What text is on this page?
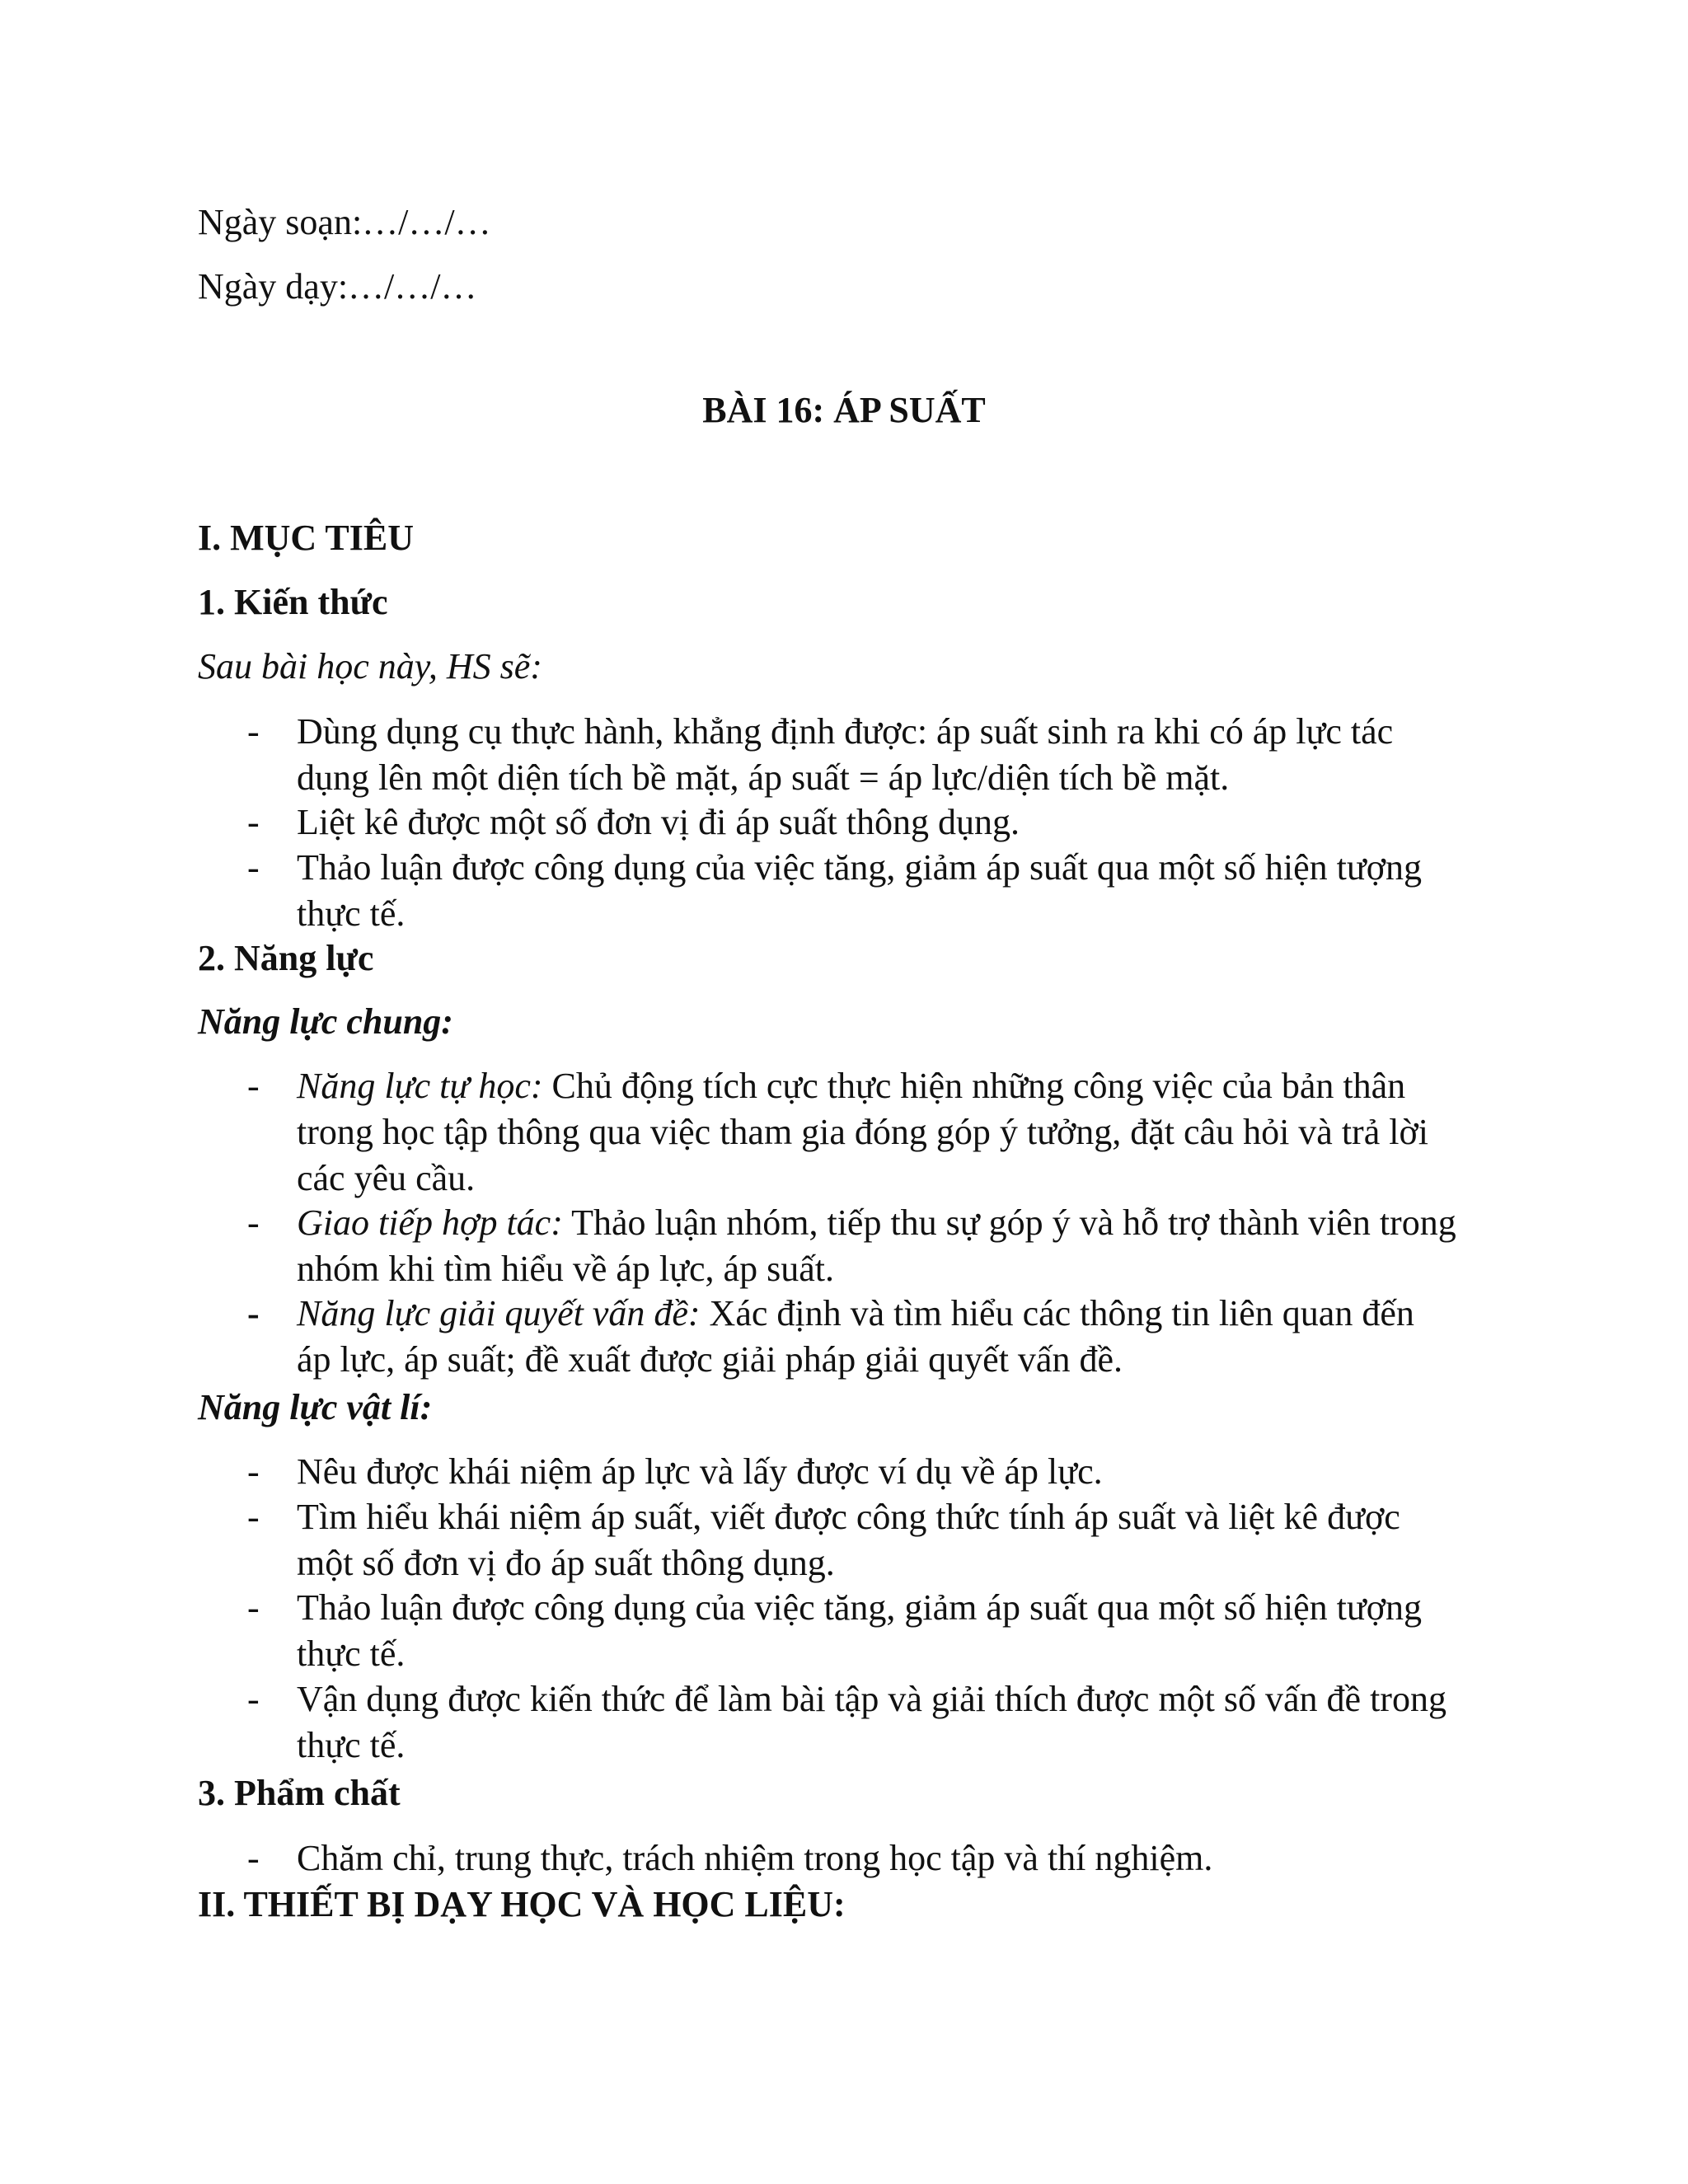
Ngày soạn:…/…/…
Ngày dạy:…/…/…
BÀI 16: ÁP SUẤT
I. MỤC TIÊU
1. Kiến thức
Sau bài học này, HS sẽ:
- Dùng dụng cụ thực hành, khẳng định được: áp suất sinh ra khi có áp lực tác
dụng lên một diện tích bề mặt, áp suất = áp lực/diện tích bề mặt.
- Liệt kê được một số đơn vị đi áp suất thông dụng.
- Thảo luận được công dụng của việc tăng, giảm áp suất qua một số hiện tượng
thực tế.
2. Năng lực
Năng lực chung:
- Năng lực tự học: Chủ động tích cực thực hiện những công việc của bản thân
trong học tập thông qua việc tham gia đóng góp ý tưởng, đặt câu hỏi và trả lời
các yêu cầu.
- Giao tiếp hợp tác: Thảo luận nhóm, tiếp thu sự góp ý và hỗ trợ thành viên trong
nhóm khi tìm hiểu về áp lực, áp suất.
- Năng lực giải quyết vấn đề: Xác định và tìm hiểu các thông tin liên quan đến
áp lực, áp suất; đề xuất được giải pháp giải quyết vấn đề.
Năng lực vật lí:
- Nêu được khái niệm áp lực và lấy được ví dụ về áp lực.
- Tìm hiểu khái niệm áp suất, viết được công thức tính áp suất và liệt kê được
một số đơn vị đo áp suất thông dụng.
- Thảo luận được công dụng của việc tăng, giảm áp suất qua một số hiện tượng
thực tế.
- Vận dụng được kiến thức để làm bài tập và giải thích được một số vấn đề trong
thực tế.
3. Phẩm chất
- Chăm chỉ, trung thực, trách nhiệm trong học tập và thí nghiệm.
II. THIẾT BỊ DẠY HỌC VÀ HỌC LIỆU:
